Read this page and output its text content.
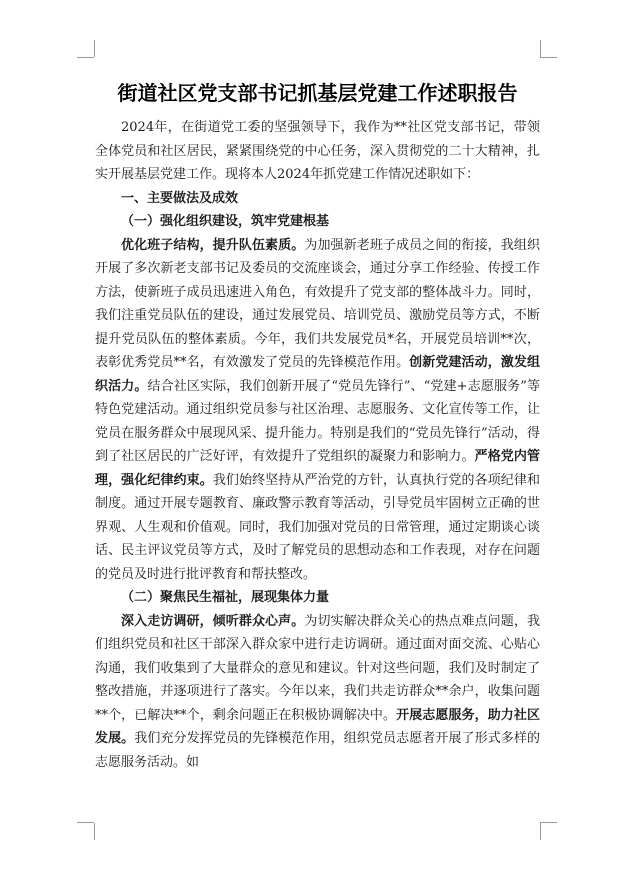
街道社区党支部书记抓基层党建工作述职报告

2024年，在街道党工委的坚强领导下，我作为**社区党支部书记，带领全体党员和社区居民，紧紧围绕党的中心任务，深入贯彻党的二十大精神，扎实开展基层党建工作。现将本人2024年抓党建工作情况述职如下：

一、主要做法及成效

（一）强化组织建设，筑牢党建根基

优化班子结构，提升队伍素质。为加强新老班子成员之间的衔接，我组织开展了多次新老支部书记及委员的交流座谈会，通过分享工作经验、传授工作方法，使新班子成员迅速进入角色，有效提升了党支部的整体战斗力。同时，我们注重党员队伍的建设，通过发展党员、培训党员、激励党员等方式，不断提升党员队伍的整体素质。今年，我们共发展党员*名，开展党员培训**次，表彰优秀党员**名，有效激发了党员的先锋模范作用。创新党建活动，激发组织活力。结合社区实际，我们创新开展了“党员先锋行”、“党建+志愿服务”等特色党建活动。通过组织党员参与社区治理、志愿服务、文化宣传等工作，让党员在服务群众中展现风采、提升能力。特别是我们的“党员先锋行”活动，得到了社区居民的广泛好评，有效提升了党组织的凝聚力和影响力。严格党内管理，强化纪律约束。我们始终坚持从严治党的方针，认真执行党的各项纪律和制度。通过开展专题教育、廉政警示教育等活动，引导党员牢固树立正确的世界观、人生观和价值观。同时，我们加强对党员的日常管理，通过定期谈心谈话、民主评议党员等方式，及时了解党员的思想动态和工作表现，对存在问题的党员及时进行批评教育和帮扶整改。

（二）聚焦民生福祉，展现集体力量

深入走访调研，倾听群众心声。为切实解决群众关心的热点难点问题，我们组织党员和社区干部深入群众家中进行走访调研。通过面对面交流、心贴心沟通，我们收集到了大量群众的意见和建议。针对这些问题，我们及时制定了整改措施，并逐项进行了落实。今年以来，我们共走访群众**余户，收集问题**个，已解决**个，剩余问题正在积极协调解决中。开展志愿服务，助力社区发展。我们充分发挥党员的先锋模范作用，组织党员志愿者开展了形式多样的志愿服务活动。如
